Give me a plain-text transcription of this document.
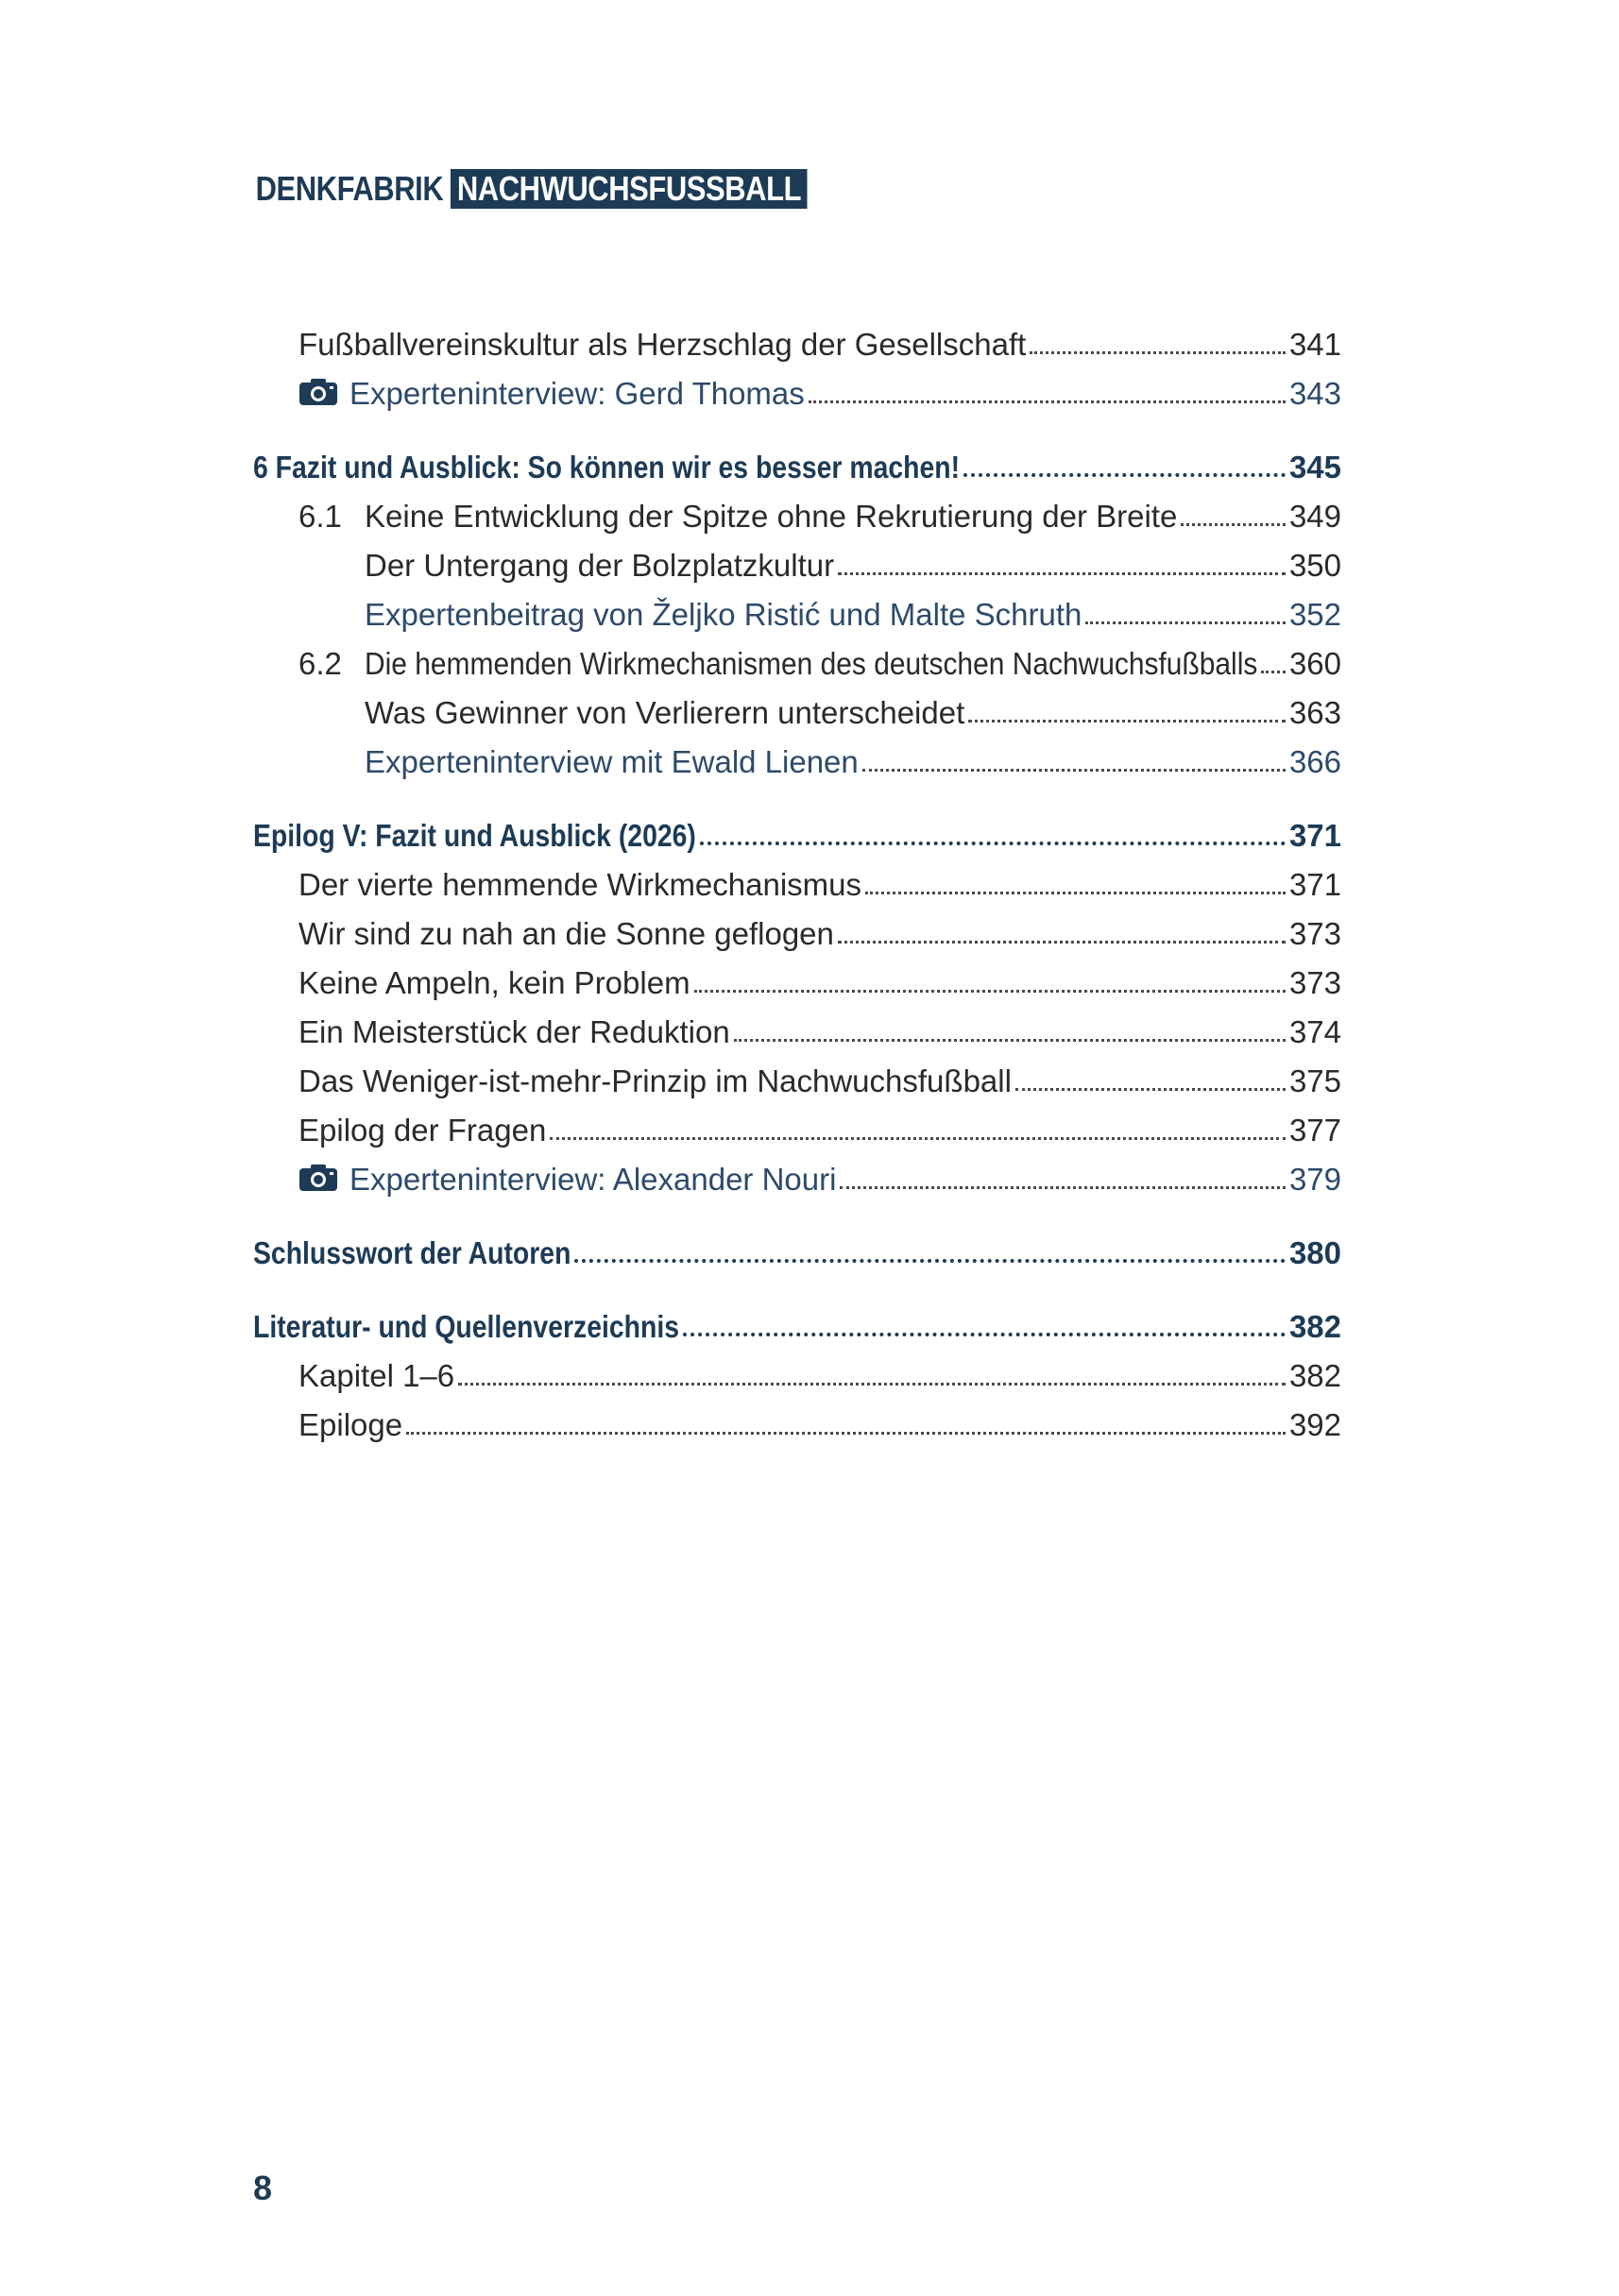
DENKFABRIK NACHWUCHSFUSSBALL
Fußballvereinskultur als Herzschlag der Gesellschaft	341
Experteninterview: Gerd Thomas	343
6 Fazit und Ausblick: So können wir es besser machen!	345
6.1 Keine Entwicklung der Spitze ohne Rekrutierung der Breite	349
Der Untergang der Bolzplatzkultur	350
Expertenbeitrag von Željko Ristić und Malte Schruth	352
6.2 Die hemmenden Wirkmechanismen des deutschen Nachwuchsfußballs 360
Was Gewinner von Verlierern unterscheidet	363
Experteninterview mit Ewald Lienen	366
Epilog V: Fazit und Ausblick (2026)	371
Der vierte hemmende Wirkmechanismus	371
Wir sind zu nah an die Sonne geflogen	373
Keine Ampeln, kein Problem	373
Ein Meisterstück der Reduktion	374
Das Weniger-ist-mehr-Prinzip im Nachwuchsfußball	375
Epilog der Fragen	377
Experteninterview: Alexander Nouri	379
Schlusswort der Autoren	380
Literatur- und Quellenverzeichnis	382
Kapitel 1–6	382
Epiloge	392
8
